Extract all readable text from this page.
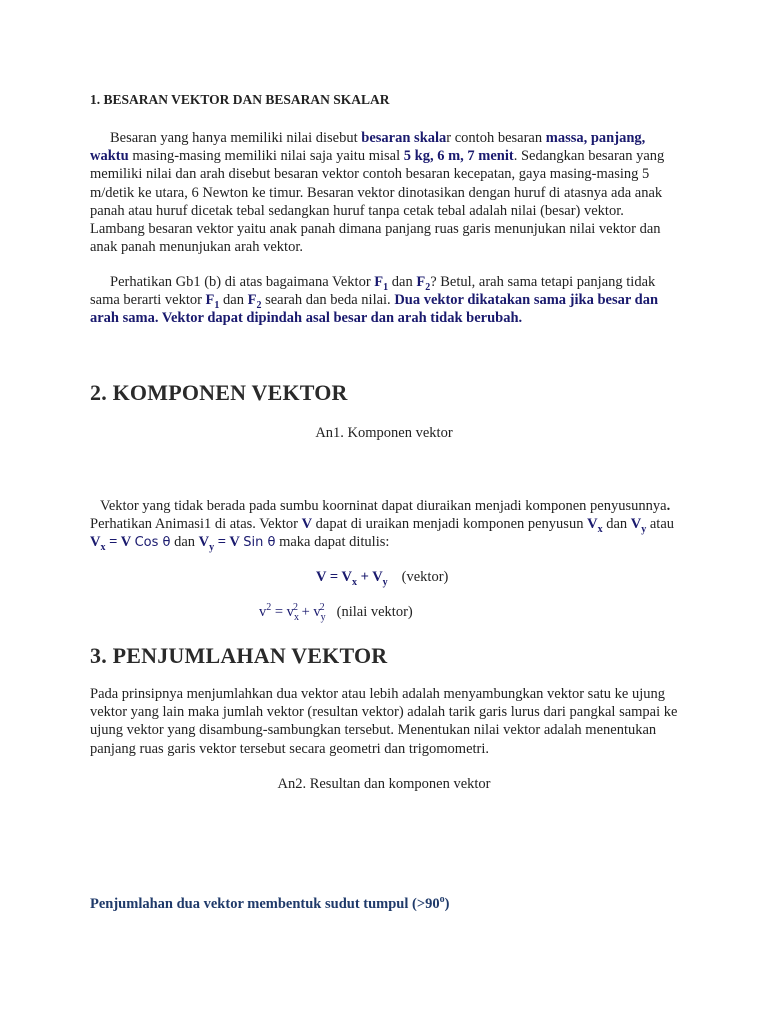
1. BESARAN VEKTOR DAN BESARAN SKALAR

Besaran yang hanya memiliki nilai disebut besaran skalar contoh besaran massa, panjang, waktu masing-masing memiliki nilai saja yaitu misal 5 kg, 6 m, 7 menit. Sedangkan besaran yang memiliki nilai dan arah disebut besaran vektor contoh besaran kecepatan, gaya masing-masing 5 m/detik ke utara, 6 Newton ke timur. Besaran vektor dinotasikan dengan huruf di atasnya ada anak panah atau huruf dicetak tebal sedangkan huruf tanpa cetak tebal adalah nilai (besar) vektor. Lambang besaran vektor yaitu anak panah dimana panjang ruas garis menunjukan nilai vektor dan anak panah menunjukan arah vektor.

Perhatikan Gb1 (b) di atas bagaimana Vektor $F_1$ dan $F_2$? Betul, arah sama tetapi panjang tidak sama berarti vektor $F_1$ dan $F_2$ searah dan beda nilai. Dua vektor dikatakan sama jika besar dan arah sama. Vektor dapat dipindah asal besar dan arah tidak berubah.

2. KOMPONEN VEKTOR

An1. Komponen vektor

Vektor yang tidak berada pada sumbu koorninat dapat diuraikan menjadi komponen penyusunnya. Perhatikan Animasi1 di atas. Vektor V dapat di uraikan menjadi komponen penyusun $V_x$ dan $V_y$ atau $V_x = V$ Cos θ dan $V_y = V$ Sin θ maka dapat ditulis:

$V = V_x + V_y$ (vektor)

$v^2 = v_x^2 + v_y^2$ (nilai vektor)

3. PENJUMLAHAN VEKTOR

Pada prinsipnya menjumlahkan dua vektor atau lebih adalah menyambungkan vektor satu ke ujung vektor yang lain maka jumlah vektor (resultan vektor) adalah tarik garis lurus dari pangkal sampai ke ujung vektor yang disambung-sambungkan tersebut. Menentukan nilai vektor adalah menentukan panjang ruas garis vektor tersebut secara geometri dan trigomometri.

An2. Resultan dan komponen vektor

Penjumlahan dua vektor membentuk sudut tumpul $(>90^o)$
